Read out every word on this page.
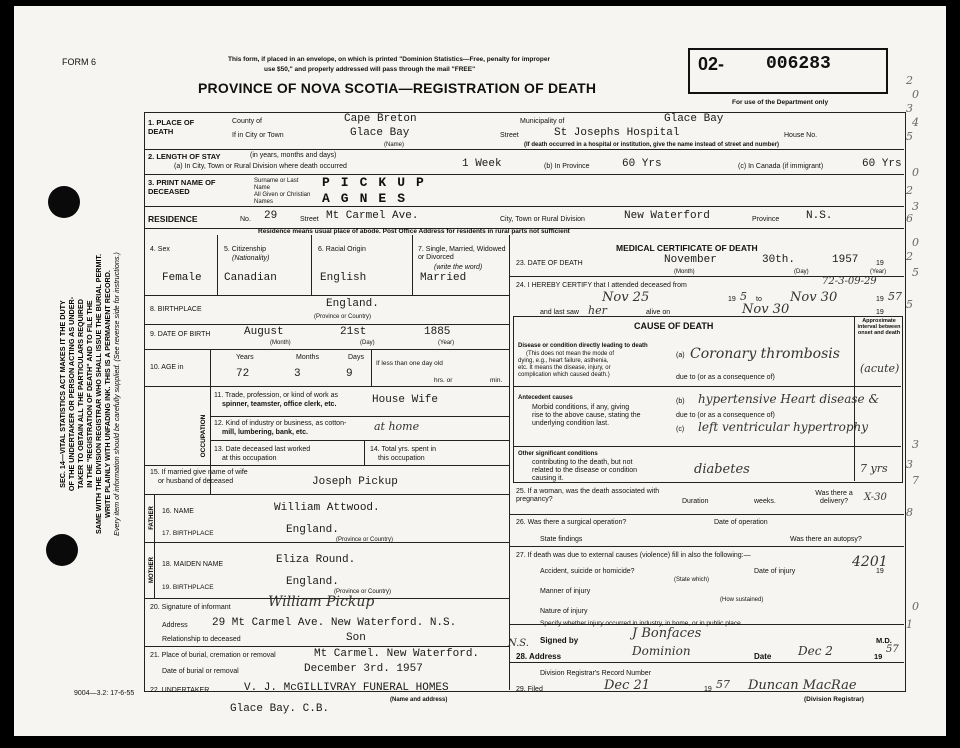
FORM 6	This form, if placed in an envelope, on which is printed "Dominion Statistics—Free, penalty for improper
use $50," and properly addressed will pass through the mail "FREE"
PROVINCE OF NOVA SCOTIA—REGISTRATION OF DEATH
02- 006283
For use of the Department only
SEC. 14—VITAL STATISTICS ACT MAKES IT THE DUTY OF THE UNDERTAKER OR PERSON ACTING AS UNDER- TAKER TO OBTAIN ALL THE PARTICULARS REQUIRED IN THE "REGISTRATION OF DEATH" AND TO FILE THE SAME WITH THE DIVISION REGISTRAR WHO SHALL ISSUE THE BURIAL PERMIT. WRITE PLAINLY WITH UNFADING INK. THIS IS A PERMANENT RECORD. Every item of information should be carefully supplied. (See reverse side for instructions.)
9004—3.2: 17-6-55
1. PLACE OF DEATH
County of	Cape Breton	Municipality of	Glace Bay
If in City or Town	Glace Bay
(Name)
Street	St Josephs Hospital	House No.
(If death occurred in a hospital or institution, give the name instead of street and number)
2. LENGTH OF STAY	(in years, months and days)
(a) In City, Town or Rural Division where death occurred	1 Week	(b) In Province	60 Yrs	(c) In Canada (if immigrant)	60 Yrs
3. PRINT NAME OF DECEASED
Surname or Last Name
All Given or Christian Names
PICKUP
AGNES
RESIDENCE	No. 29	Street Mt Carmel Ave.	City, Town or Rural Division	New Waterford	Province N.S.
Residence means usual place of abode. Post Office Address for residents in rural parts not sufficient
4. Sex
Female
5. Citizenship
(Nationality)
Canadian
6. Racial Origin
English
7. Single, Married, Widowed or Divorced
(write the word)
Married
8. BIRTHPLACE	England.
(Province or Country)
9. DATE OF BIRTH	August	21st	1885
(Month)	(Day)	(Year)
10. AGE in
Years
72
Months
3
Days
9
If less than one day old
hrs. or	min.
OCCUPATION
11. Trade, profession, or kind of work as
spinner, teamster, office clerk, etc.	House Wife
12. Kind of industry or business, as cotton-
mill, lumbering, bank, etc.	at home
13. Date deceased last worked
at this occupation
14. Total yrs. spent in
this occupation
15. If married give name of wife
or husband of deceased	Joseph Pickup
FATHER
MOTHER
16. NAME	William Attwood.
17. BIRTHPLACE	England.
(Province or Country)
18. MAIDEN NAME	Eliza Round.
19. BIRTHPLACE	England.
(Province or Country)
20. Signature of informant	William Pickup
Address 29 Mt Carmel Ave. New Waterford. N.S.
Relationship to deceased	Son
21. Place of burial, cremation or removal	Mt Carmel. New Waterford.
N.S.
Date of burial or removal	December 3rd. 1957
22. UNDERTAKER	V. J. McGILLIVRAY FUNERAL HOMES
(Name and address)
Glace Bay. C.B.
MEDICAL CERTIFICATE OF DEATH
23. DATE OF DEATH	November	30th.	1957	19
(Month)	(Day)	(Year)
24. I HEREBY CERTIFY that I attended deceased from	72-3-09-29
Nov 25	19 5 to Nov 30	19 57
and last saw her	alive on	Nov 30	19
CAUSE OF DEATH	Approximate interval between onset and death
Disease or condition directly leading to death
(This does not mean the mode of
dying, e.g., heart failure, asthenia,
etc. It means the disease, injury, or
complication which caused death.)
(a) Coronary thrombosis
(acute)
due to (or as a consequence of)
Antecedent causes
Morbid conditions, if any, giving
rise to the above cause, stating the
underlying condition last.
(b) hypertensive Heart disease &
due to (or as a consequence of)
(c) left ventricular hypertrophy
Other significant conditions
contributing to the death, but not
related to the disease or condition
causing it.
diabetes	7 yrs
25. If a woman, was the death associated with pregnancy?	Duration	weeks.
Was there a delivery?	X-30
26. Was there a surgical operation?	Date of operation
State findings	Was there an autopsy?
27. If death was due to external causes (violence) fill in also the following:—	4201
Accident, suicide or homicide?
(State which)
Date of injury	19
Manner of injury
(How sustained)
Nature of injury
Specify whether injury occurred in industry, in home, or in public place
Signed by	J Bonfaces	M.D.
28. Address	Dominion	Date Dec 2	19
57
Division Registrar's Record Number
29. Filed	Dec 21	19 57 Duncan MacRae
(Division Registrar)
2
0
3
4
5
0
2
3
6
0
2
5
5
3
3
7
8
0
1
